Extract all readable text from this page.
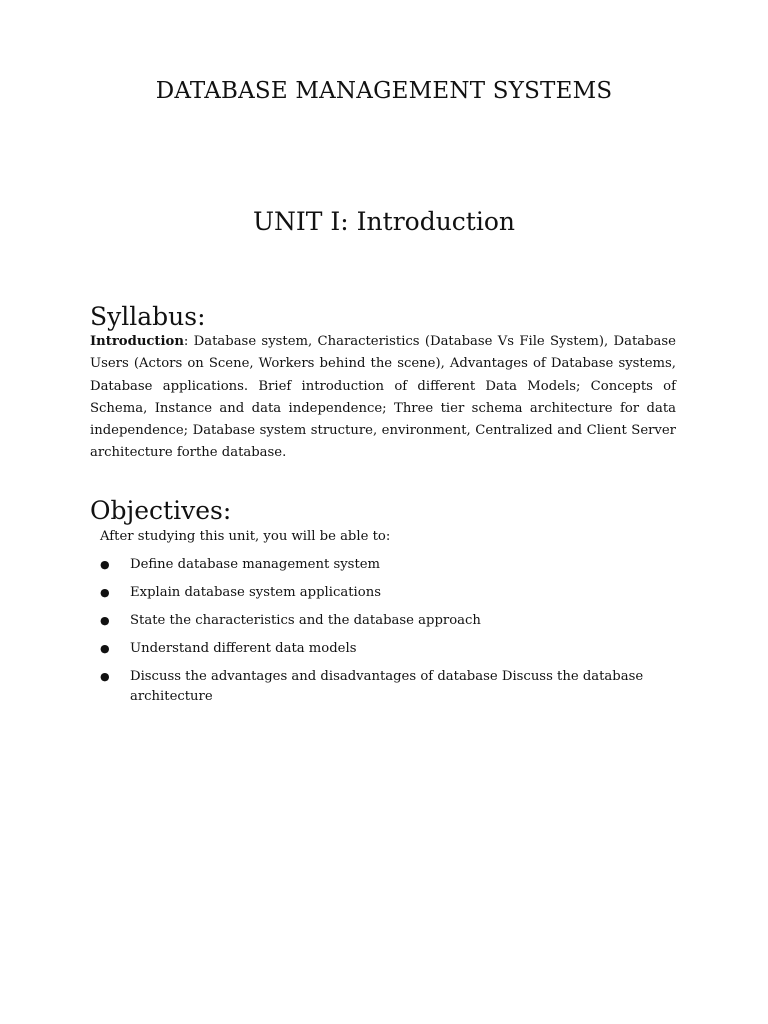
DATABASE MANAGEMENT SYSTEMS
UNIT I: Introduction
Syllabus:

Introduction: Database system, Characteristics (Database Vs File System), Database Users (Actors on Scene, Workers behind the scene), Advantages of Database systems, Database applications. Brief introduction of different Data Models; Concepts of Schema, Instance and data independence; Three tier schema architecture for data independence; Database system structure, environment, Centralized and Client Server architecture forthe database.

Objectives:

After studying this unit, you will be able to:

● Define database management system
● Explain database system applications
● State the characteristics and the database approach
● Understand different data models
● Discuss the advantages and disadvantages of database Discuss the database architecture
